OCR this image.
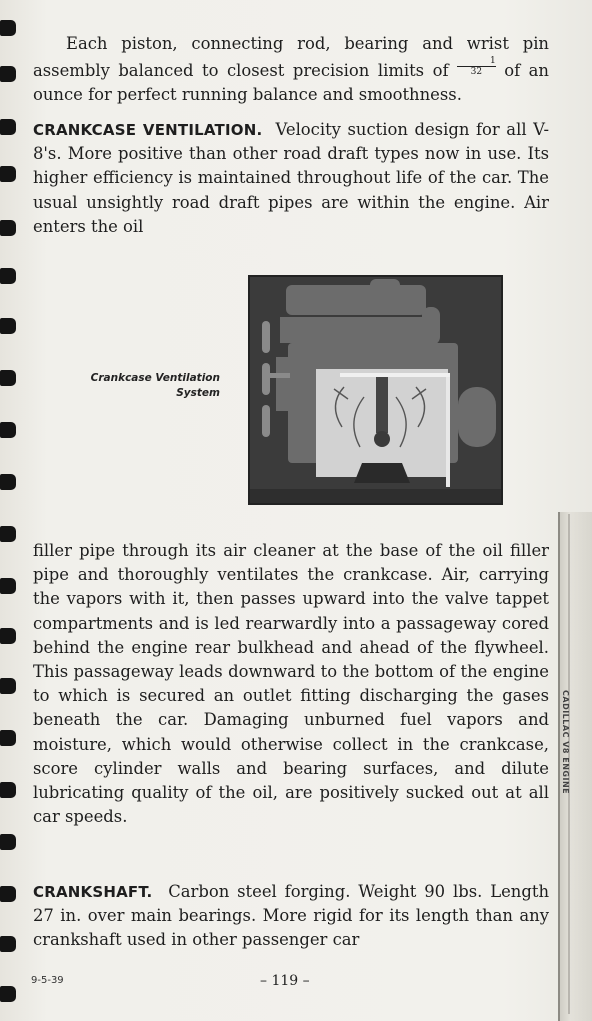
CADILLAC V8 ENGINE

Each piston, connecting rod, bearing and wrist pin assembly balanced to closest precision limits of $\frac{1}{32}$ of an ounce for perfect running balance and smoothness.

CRANKCASE VENTILATION. Velocity suction design for all V-8's. More positive than other road draft types now in use. Its higher efficiency is maintained throughout life of the car. The usual unsightly road draft pipes are within the engine. Air enters the oil

Crankcase Ventilation
System

filler pipe through its air cleaner at the base of the oil filler pipe and thoroughly ventilates the crankcase. Air, carrying the vapors with it, then passes upward into the valve tappet compartments and is led rearwardly into a passageway cored behind the engine rear bulkhead and ahead of the flywheel. This passageway leads downward to the bottom of the engine to which is secured an outlet fitting discharging the gases beneath the car. Damaging unburned fuel vapors and moisture, which would otherwise collect in the crankcase, score cylinder walls and bearing surfaces, and dilute lubricating quality of the oil, are positively sucked out at all car speeds.

CRANKSHAFT. Carbon steel forging. Weight 90 lbs. Length 27 in. over main bearings. More rigid for its length than any crankshaft used in other passenger car

9-5-39	– 119 –
